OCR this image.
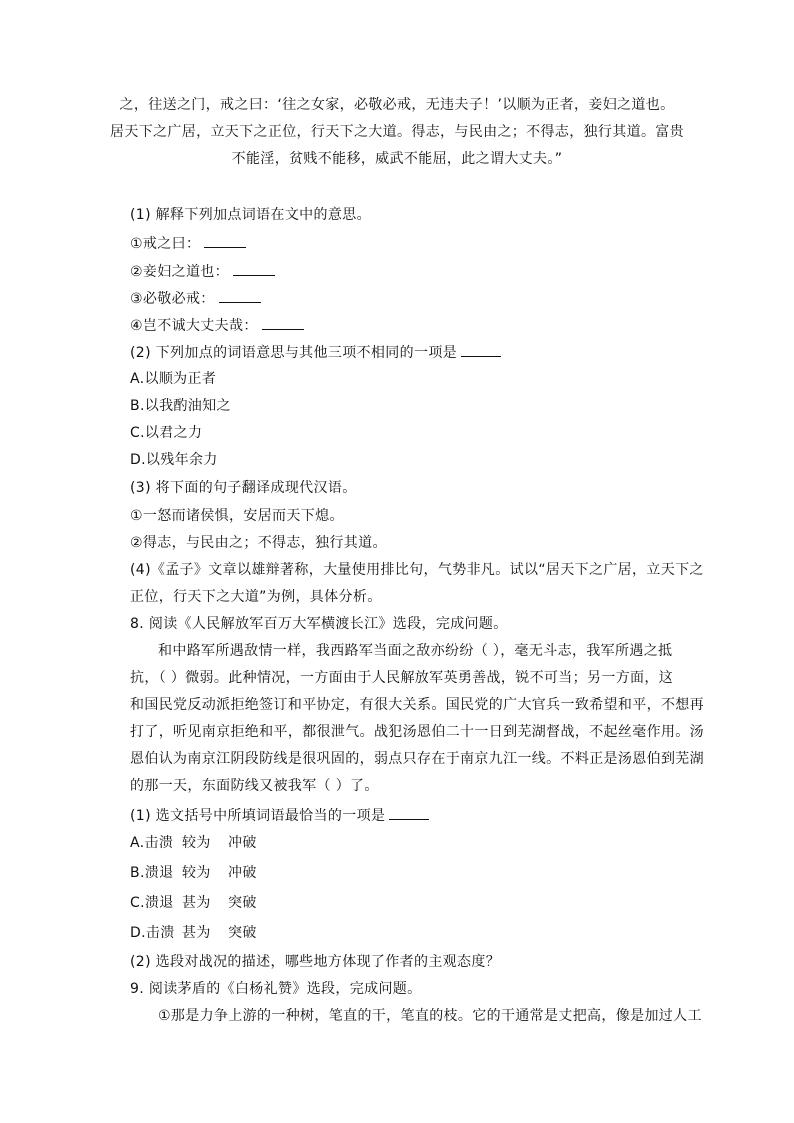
之，往送之门，戒之曰：‘往之女家，必敬必戒，无违夫子！’以顺为正者，妾妇之道也。
居天下之广居，立天下之正位，行天下之大道。得志，与民由之；不得志，独行其道。富贵
不能淫，贫贱不能移，威武不能屈，此之谓大丈夫。”
(1) 解释下列加点词语在文中的意思。
①戒之曰：
②妾妇之道也：
③必敬必戒：
④岂不诚大丈夫哉：
(2) 下列加点的词语意思与其他三项不相同的一项是
A.以顺为正者
B.以我酌油知之
C.以君之力
D.以残年余力
(3) 将下面的句子翻译成现代汉语。
①一怒而诸侯惧，安居而天下熄。
②得志，与民由之；不得志，独行其道。
(4)《孟子》文章以雄辩著称，大量使用排比句，气势非凡。试以“居天下之广居，立天下之
正位，行天下之大道”为例，具体分析。
8. 阅读《人民解放军百万大军横渡长江》选段，完成问题。
和中路军所遇敌情一样，我西路军当面之敌亦纷纷（ ），毫无斗志，我军所遇之抵
抗，（ ）微弱。此种情况，一方面由于人民解放军英勇善战，锐不可当；另一方面，这
和国民党反动派拒绝签订和平协定，有很大关系。国民党的广大官兵一致希望和平，不想再
打了，听见南京拒绝和平，都很泄气。战犯汤恩伯二十一日到芜湖督战，不起丝毫作用。汤
恩伯认为南京江阴段防线是很巩固的，弱点只存在于南京九江一线。不料正是汤恩伯到芜湖
的那一天，东面防线又被我军（ ）了。
(1) 选文括号中所填词语最恰当的一项是
A.击溃 较为 冲破
B.溃退 较为 冲破
C.溃退 甚为 突破
D.击溃 甚为 突破
(2) 选段对战况的描述，哪些地方体现了作者的主观态度？
9. 阅读茅盾的《白杨礼赞》选段，完成问题。
①那是力争上游的一种树，笔直的干，笔直的枝。它的干通常是丈把高，像是加过人工
